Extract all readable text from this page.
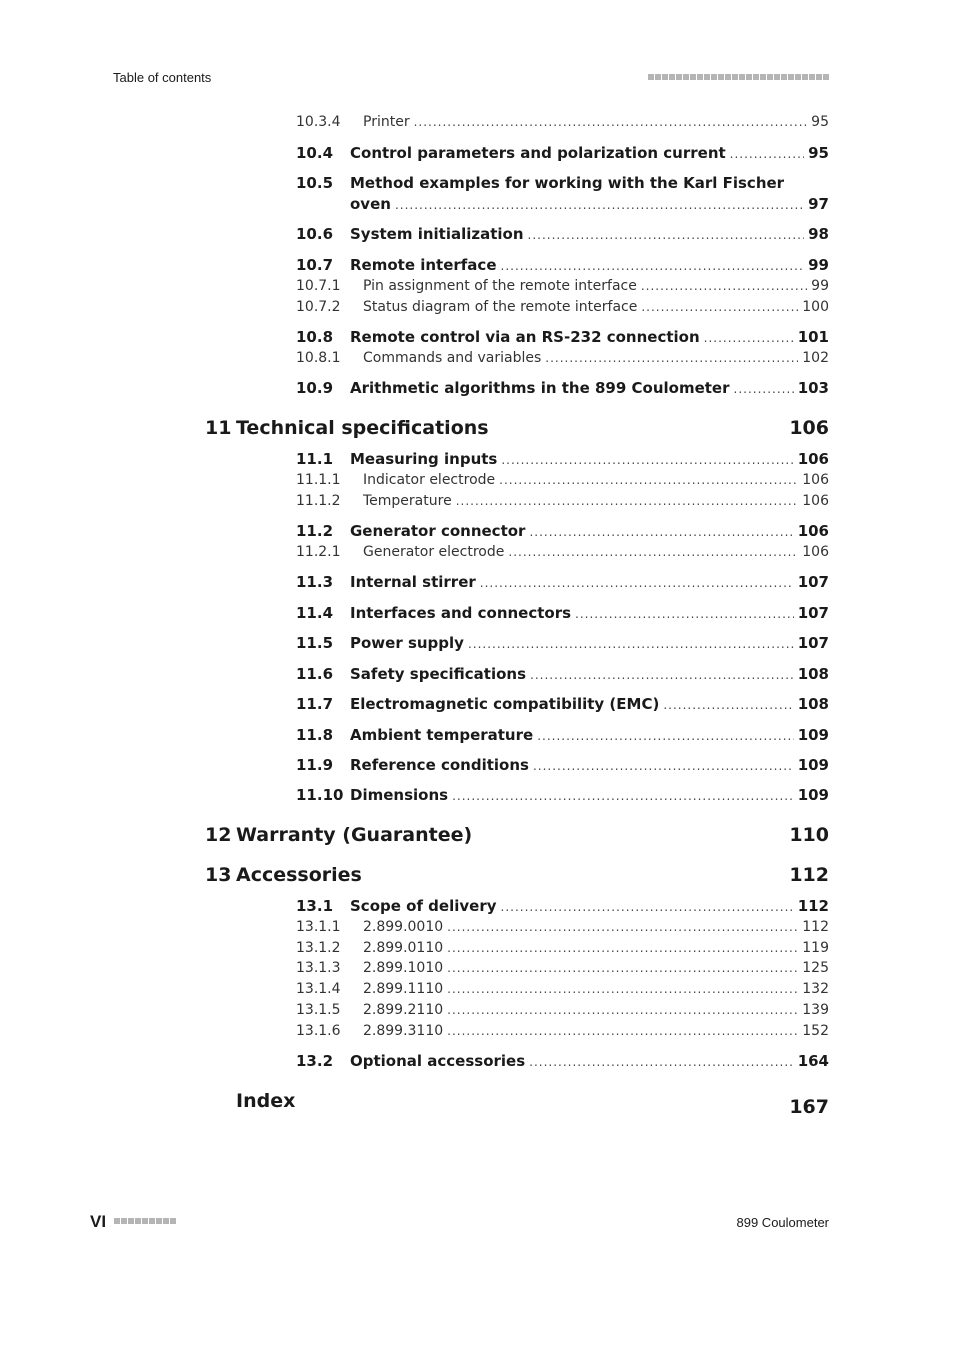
Table of contents
10.3.4	Printer .....	95
10.4	Control parameters and polarization current .....	95
10.5	Method examples for working with the Karl Fischer
oven .....	97
10.6	System initialization .....	98
10.7	Remote interface .....	99
10.7.1	Pin assignment of the remote interface .....	99
10.7.2	Status diagram of the remote interface .....	100
10.8	Remote control via an RS-232 connection .....	101
10.8.1	Commands and variables .....	102
10.9	Arithmetic algorithms in the 899 Coulometer .....	103
11 Technical specifications	106
11.1	Measuring inputs .....	106
11.1.1	Indicator electrode .....	106
11.1.2	Temperature .....	106
11.2	Generator connector .....	106
11.2.1	Generator electrode .....	106
11.3	Internal stirrer .....	107
11.4	Interfaces and connectors .....	107
11.5	Power supply .....	107
11.6	Safety specifications .....	108
11.7	Electromagnetic compatibility (EMC) .....	108
11.8	Ambient temperature .....	109
11.9	Reference conditions .....	109
11.10 Dimensions .....	109
12 Warranty (Guarantee)	110
13 Accessories	112
13.1	Scope of delivery .....	112
13.1.1	2.899.0010 .....	112
13.1.2	2.899.0110 .....	119
13.1.3	2.899.1010 .....	125
13.1.4	2.899.1110 .....	132
13.1.5	2.899.2110 .....	139
13.1.6	2.899.3110 .....	152
13.2	Optional accessories .....	164
Index	167
VI	899 Coulometer
